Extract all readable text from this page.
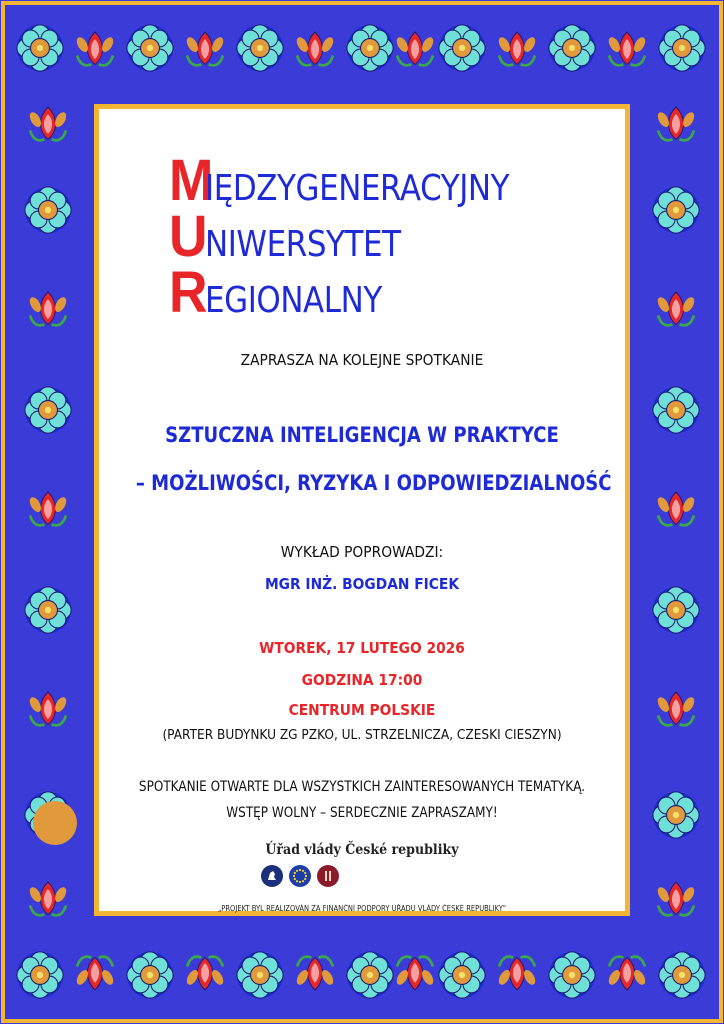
M
IĘDZYGENERACYJNY
U
NIWERSYTET
R
EGIONALNY
ZAPRASZA NA KOLEJNE SPOTKANIE
SZTUCZNA INTELIGENCJA W PRAKTYCE
– MOŻLIWOŚCI, RYZYKA I ODPOWIEDZIALNOŚĆ
WYKŁAD POPROWADZI:
MGR INŻ. BOGDAN FICEK
WTOREK, 17 LUTEGO 2026
GODZINA 17:00
CENTRUM POLSKIE
(PARTER BUDYNKU ZG PZKO, UL. STRZELNICZA, CZESKI CIESZYN)
SPOTKANIE OTWARTE DLA WSZYSTKICH ZAINTERESOWANYCH TEMATYKĄ.
WSTĘP WOLNY – SERDECZNIE ZAPRASZAMY!
Úřad vlády České republiky
„PROJEKT BYL REALIZOVÁN ZA FINANČNÍ PODPORY ÚŘADU VLÁDY ČESKÉ REPUBLIKY"
